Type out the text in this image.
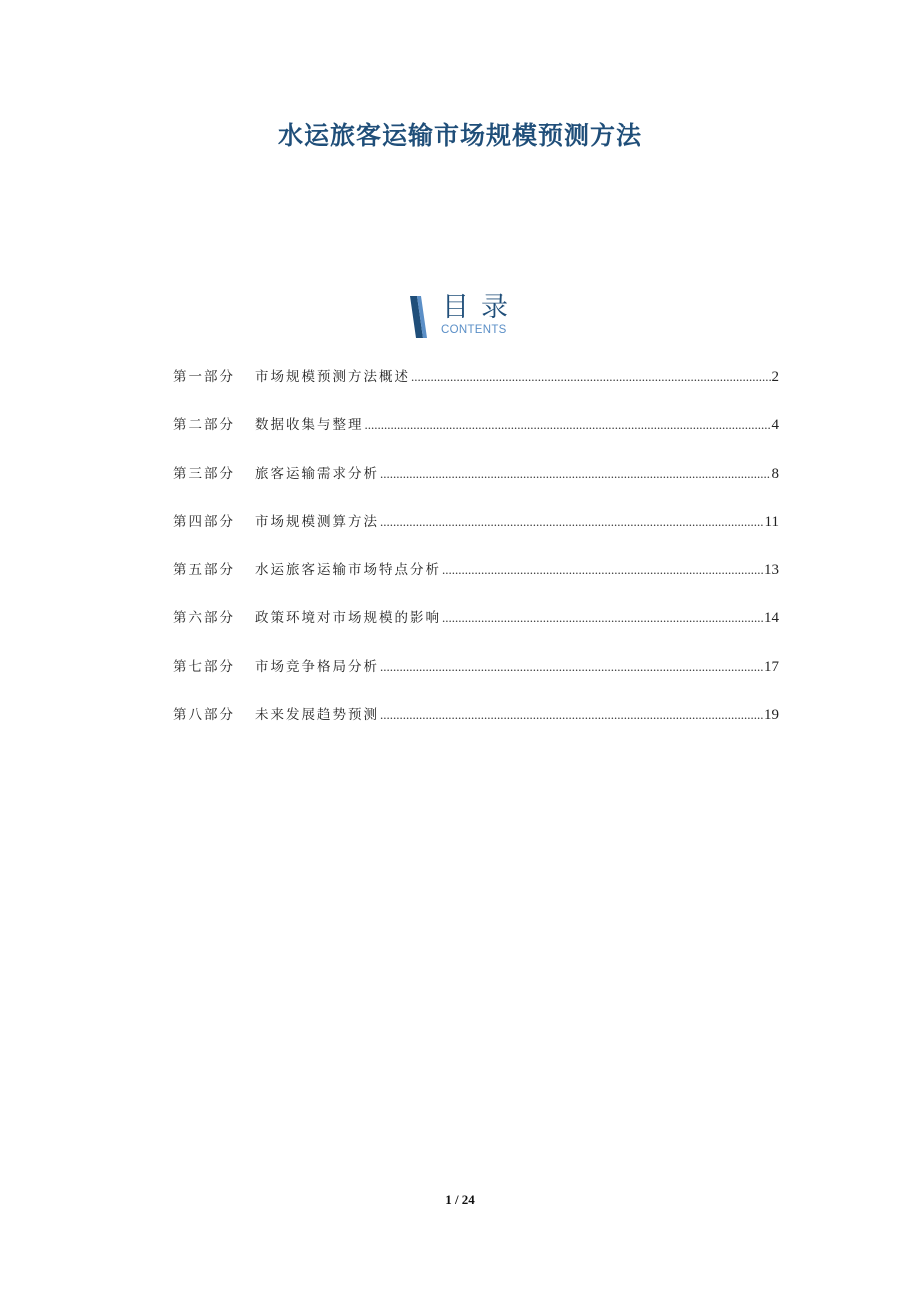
水运旅客运输市场规模预测方法
目录
CONTENTS
第一部分	市场规模预测方法概述 .....	2
第二部分	数据收集与整理 .....	4
第三部分	旅客运输需求分析 .....	8
第四部分	市场规模测算方法 .....	11
第五部分	水运旅客运输市场特点分析 .....	13
第六部分	政策环境对市场规模的影响 .....	14
第七部分	市场竞争格局分析 .....	17
第八部分	未来发展趋势预测 .....	19
1 / 24
